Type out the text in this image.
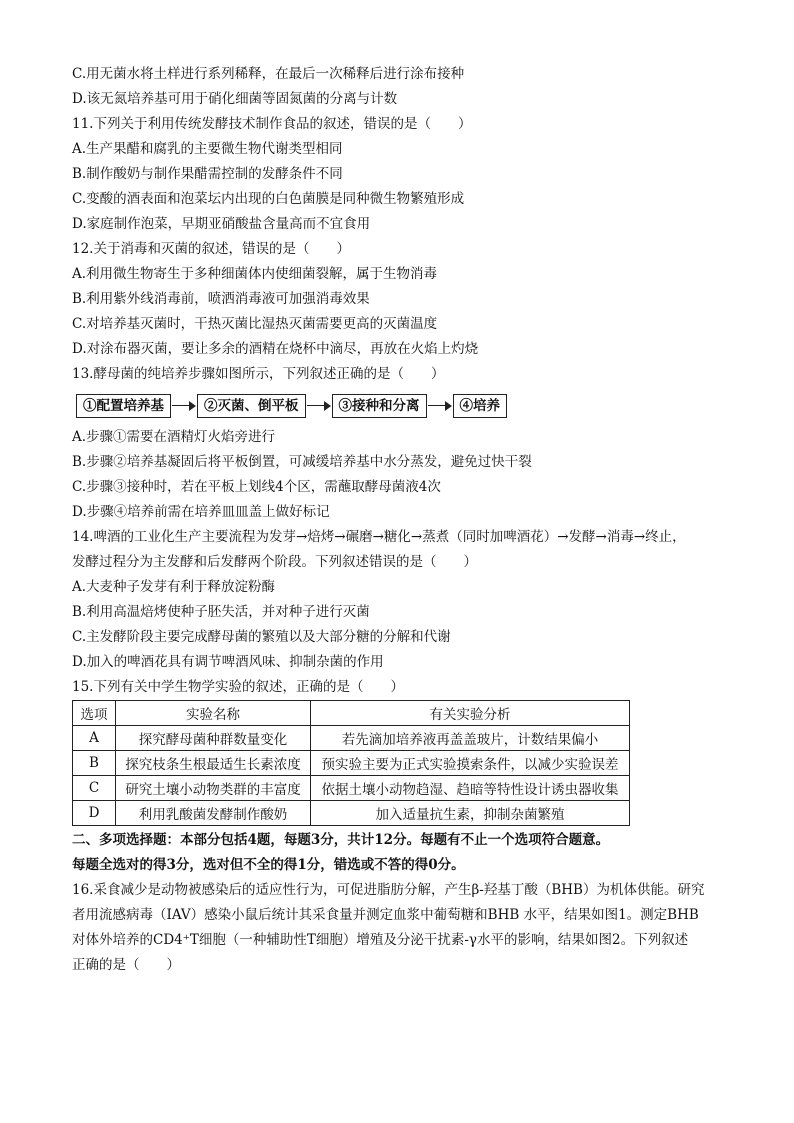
C.用无菌水将土样进行系列稀释，在最后一次稀释后进行涂布接种
D.该无氮培养基可用于硝化细菌等固氮菌的分离与计数
11.下列关于利用传统发酵技术制作食品的叙述，错误的是（　　）
A.生产果醋和腐乳的主要微生物代谢类型相同
B.制作酸奶与制作果醋需控制的发酵条件不同
C.变酸的酒表面和泡菜坛内出现的白色菌膜是同种微生物繁殖形成
D.家庭制作泡菜，早期亚硝酸盐含量高而不宜食用
12.关于消毒和灭菌的叙述，错误的是（　　）
A.利用微生物寄生于多种细菌体内使细菌裂解，属于生物消毒
B.利用紫外线消毒前，喷洒消毒液可加强消毒效果
C.对培养基灭菌时，干热灭菌比湿热灭菌需要更高的灭菌温度
D.对涂布器灭菌，要让多余的酒精在烧杯中滴尽，再放在火焰上灼烧
13.酵母菌的纯培养步骤如图所示，下列叙述正确的是（　　）
①配置培养基	②灭菌、倒平板	③接种和分离	④培养
A.步骤①需要在酒精灯火焰旁进行
B.步骤②培养基凝固后将平板倒置，可减缓培养基中水分蒸发，避免过快干裂
C.步骤③接种时，若在平板上划线4个区，需蘸取酵母菌液4次
D.步骤④培养前需在培养皿皿盖上做好标记
14.啤酒的工业化生产主要流程为发芽→焙烤→碾磨→糖化→蒸煮（同时加啤酒花）→发酵→消毒→终止，
发酵过程分为主发酵和后发酵两个阶段。下列叙述错误的是（　　）
A.大麦种子发芽有利于释放淀粉酶
B.利用高温焙烤使种子胚失活，并对种子进行灭菌
C.主发酵阶段主要完成酵母菌的繁殖以及大部分糖的分解和代谢
D.加入的啤酒花具有调节啤酒风味、抑制杂菌的作用
15.下列有关中学生物学实验的叙述，正确的是（　　）
选项	实验名称	有关实验分析
A	探究酵母菌种群数量变化	若先滴加培养液再盖盖玻片，计数结果偏小
B	探究枝条生根最适生长素浓度	预实验主要为正式实验摸索条件，以减少实验误差
C	研究土壤小动物类群的丰富度	依据土壤小动物趋湿、趋暗等特性设计诱虫器收集
D	利用乳酸菌发酵制作酸奶	加入适量抗生素，抑制杂菌繁殖
二、多项选择题：本部分包括4题，每题3分，共计12分。每题有不止一个选项符合题意。
每题全选对的得3分，选对但不全的得1分，错选或不答的得0分。
16.采食减少是动物被感染后的适应性行为，可促进脂肪分解，产生β-羟基丁酸（BHB）为机体供能。研究
者用流感病毒（IAV）感染小鼠后统计其采食量并测定血浆中葡萄糖和BHB 水平，结果如图1。测定BHB
对体外培养的CD4⁺T细胞（一种辅助性T细胞）增殖及分泌干扰素-γ水平的影响，结果如图2。下列叙述
正确的是（　　）
